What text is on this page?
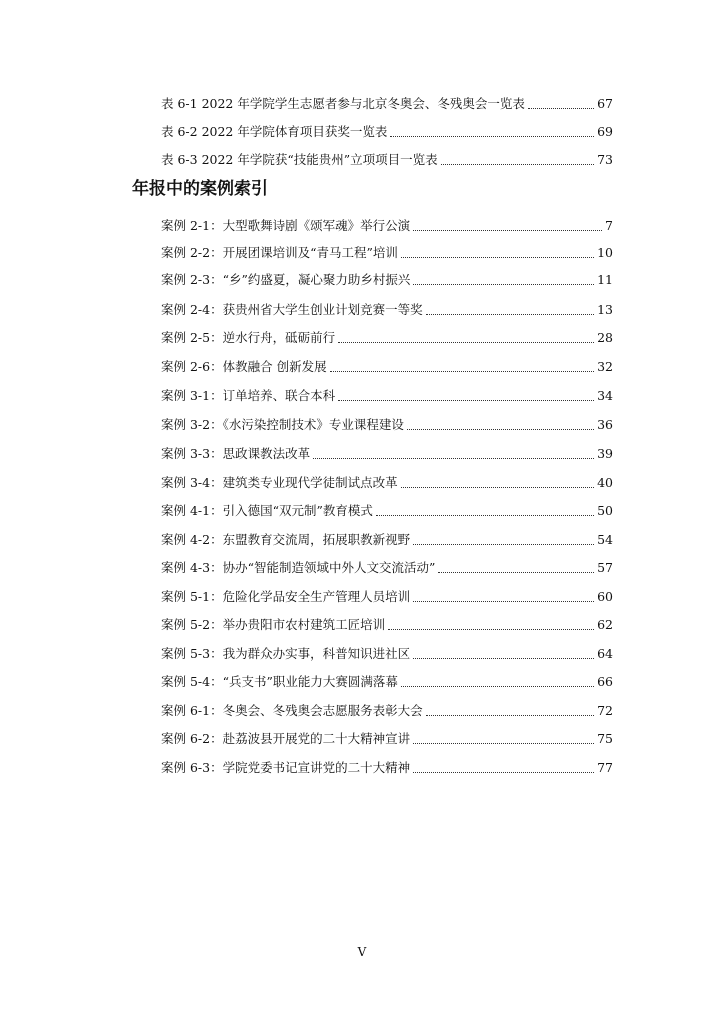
表 6-1 2022 年学院学生志愿者参与北京冬奥会、冬残奥会一览表	67
表 6-2 2022 年学院体育项目获奖一览表	69
表 6-3 2022 年学院获“技能贵州”立项项目一览表	73
年报中的案例索引
案例 2-1：大型歌舞诗剧《颂军魂》举行公演	7
案例 2-2：开展团课培训及“青马工程”培训	10
案例 2-3：“乡”约盛夏，凝心聚力助乡村振兴	11
案例 2-4：获贵州省大学生创业计划竞赛一等奖	13
案例 2-5：逆水行舟，砥砺前行	28
案例 2-6：体教融合 创新发展	32
案例 3-1：订单培养、联合本科	34
案例 3-2：《水污染控制技术》专业课程建设	36
案例 3-3：思政课教法改革	39
案例 3-4：建筑类专业现代学徒制试点改革	40
案例 4-1：引入德国“双元制”教育模式	50
案例 4-2：东盟教育交流周，拓展职教新视野	54
案例 4-3：协办“智能制造领域中外人文交流活动”	57
案例 5-1：危险化学品安全生产管理人员培训	60
案例 5-2：举办贵阳市农村建筑工匠培训	62
案例 5-3：我为群众办实事，科普知识进社区	64
案例 5-4：“兵支书”职业能力大赛圆满落幕	66
案例 6-1：冬奥会、冬残奥会志愿服务表彰大会	72
案例 6-2：赴荔波县开展党的二十大精神宣讲	75
案例 6-3：学院党委书记宣讲党的二十大精神	77
V
